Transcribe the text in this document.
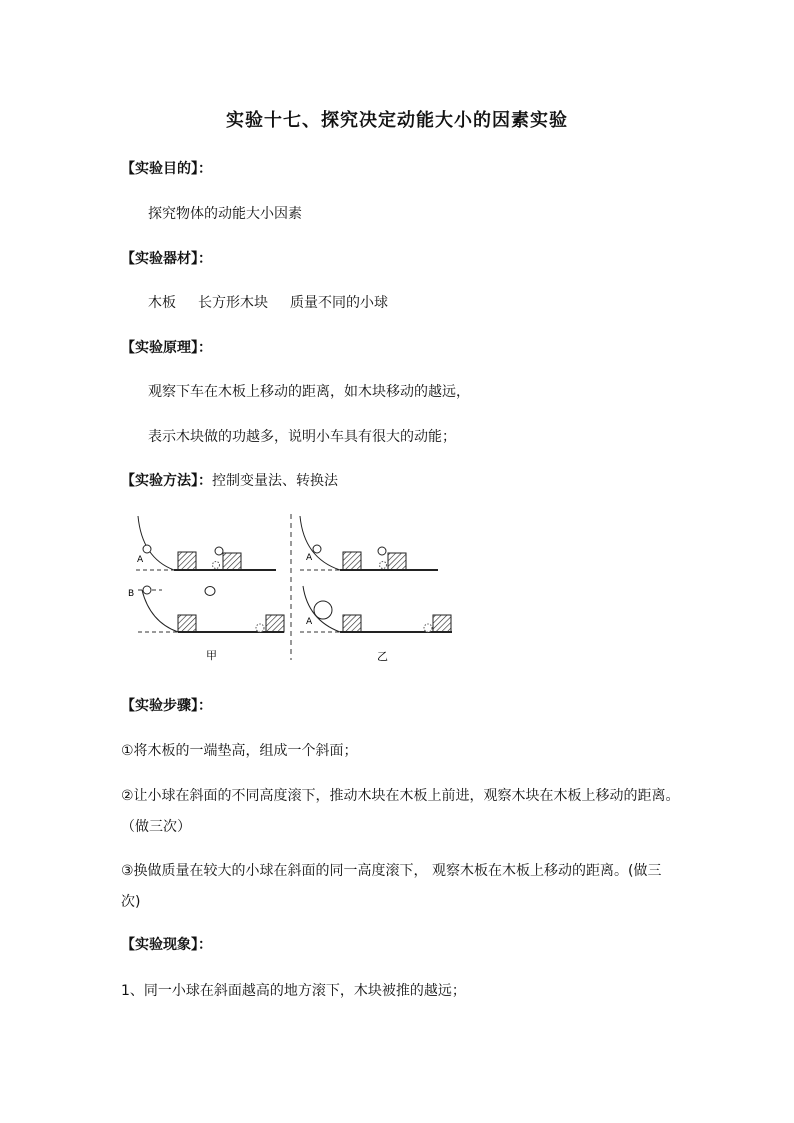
实验十七、探究决定动能大小的因素实验
【实验目的】：
探究物体的动能大小因素
【实验器材】：
木板 长方形木块 质量不同的小球
【实验原理】：
观察下车在木板上移动的距离，如木块移动的越远，
表示木块做的功越多，说明小车具有很大的动能；
【实验方法】：控制变量法、转换法
A
B
A
A
甲	乙
【实验步骤】：
①将木板的一端垫高，组成一个斜面；
②让小球在斜面的不同高度滚下，推动木块在木板上前进，观察木块在木板上移动的距离。
（做三次）
③换做质量在较大的小球在斜面的同一高度滚下， 观察木板在木板上移动的距离。(做三
次)
【实验现象】：
1、同一小球在斜面越高的地方滚下，木块被推的越远；
